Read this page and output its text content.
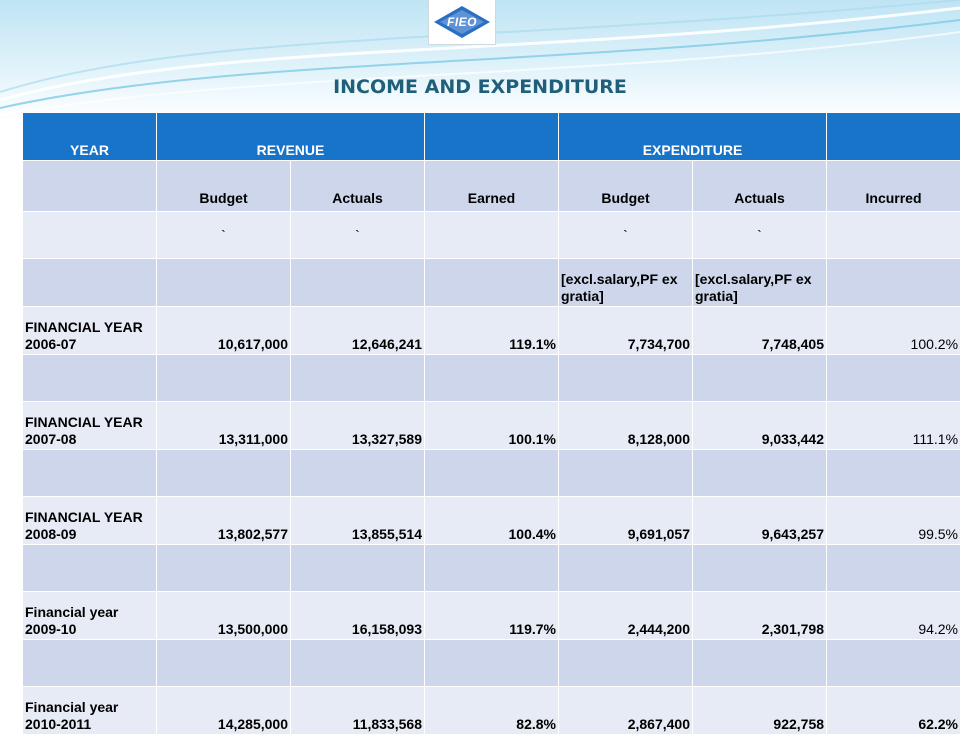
FIEO
INCOME AND EXPENDITURE
YEAR	REVENUE			EXPENDITURE		
	Budget	Actuals	Earned	Budget	Actuals	Incurred
	`	`		`	`	
				[excl.salary,PF ex gratia]	[excl.salary,PF ex gratia]	
FINANCIAL YEAR 2006-07	10,617,000	12,646,241	119.1%	7,734,700	7,748,405	100.2%

FINANCIAL YEAR 2007-08	13,311,000	13,327,589	100.1%	8,128,000	9,033,442	111.1%

FINANCIAL YEAR 2008-09	13,802,577	13,855,514	100.4%	9,691,057	9,643,257	99.5%

Financial year 2009-10	13,500,000	16,158,093	119.7%	2,444,200	2,301,798	94.2%

Financial year 2010-2011	14,285,000	11,833,568	82.8%	2,867,400	922,758	62.2%
